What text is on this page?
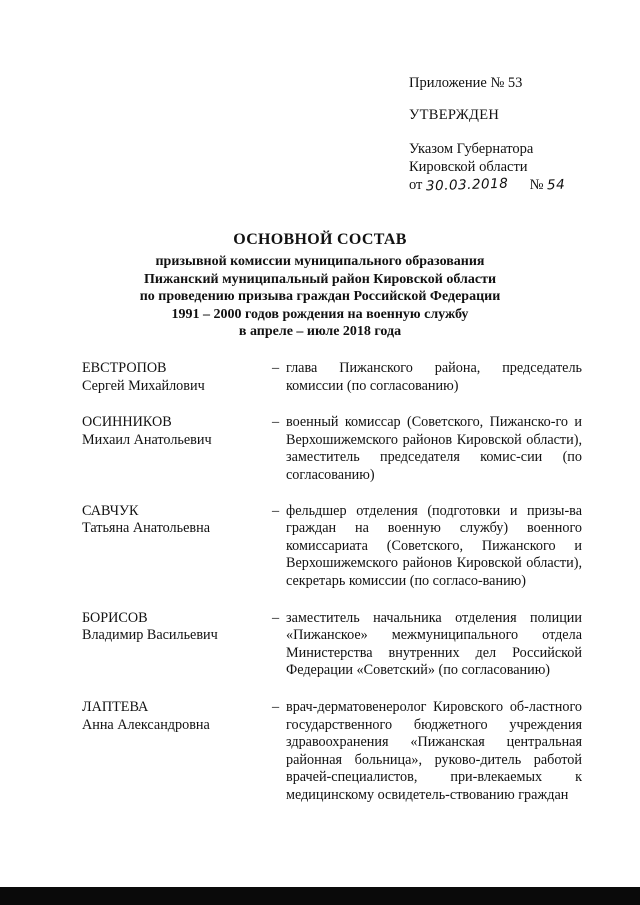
Приложение № 53

УТВЕРЖДЕН

Указом Губернатора

Кировской области

от 30.03.2018 № 54

ОСНОВНОЙ СОСТАВ
призывной комиссии муниципального образования
Пижанский муниципальный район Кировской области
по проведению призыва граждан Российской Федерации
1991 – 2000 годов рождения на военную службу
в апреле – июле 2018 года
ЕВСТРОПОВ
Сергей Михайлович
– глава Пижанского района, председатель комиссии (по согласованию)
ОСИННИКОВ
Михаил Анатольевич
– военный комиссар (Советского, Пижанско-го и Верхошижемского районов Кировской области), заместитель председателя комис-сии (по согласованию)
САВЧУК
Татьяна Анатольевна
– фельдшер отделения (подготовки и призы-ва граждан на военную службу) военного комиссариата (Советского, Пижанского и Верхошижемского районов Кировской области), секретарь комиссии (по согласо-ванию)
БОРИСОВ
Владимир Васильевич
– заместитель начальника отделения полиции «Пижанское» межмуниципального отдела Министерства внутренних дел Российской Федерации «Советский» (по согласованию)
ЛАПТЕВА
Анна Александровна
– врач-дерматовенеролог Кировского об-ластного государственного бюджетного учреждения здравоохранения «Пижанская центральная районная больница», руково-дитель работой врачей-специалистов, при-влекаемых к медицинскому освидетель-ствованию граждан
